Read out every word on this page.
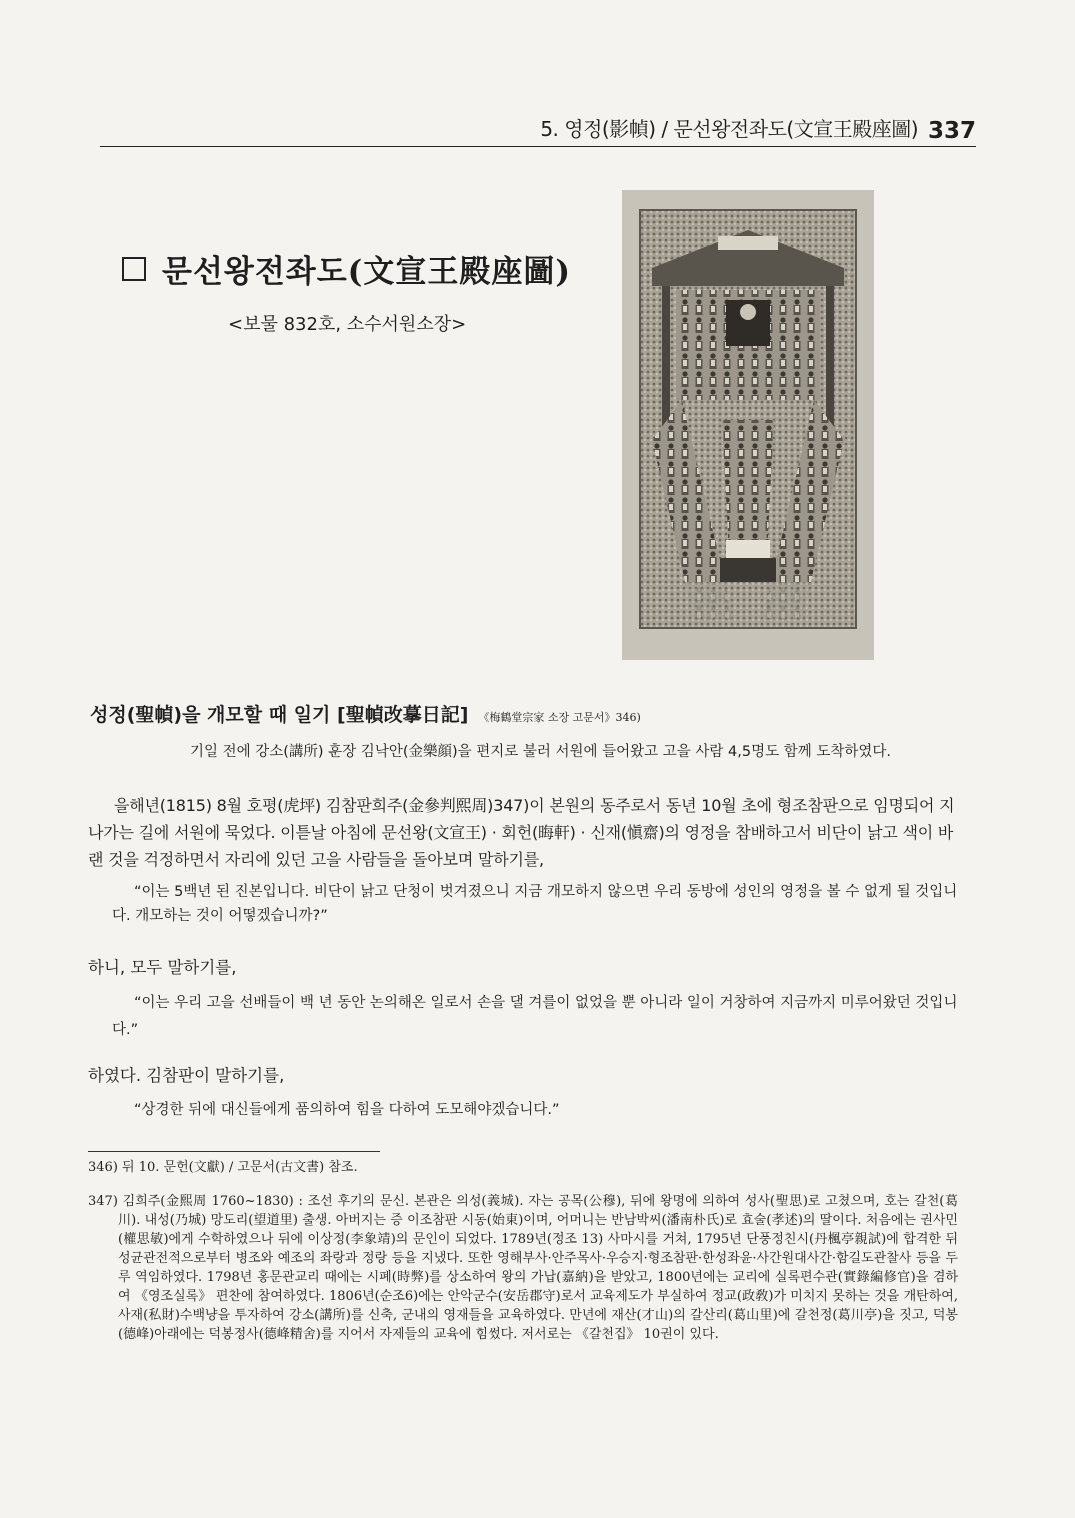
5. 영정(影幀) / 문선왕전좌도(文宣王殿座圖) 337
문선왕전좌도(文宣王殿座圖)
<보물 832호, 소수서원소장>
성정(聖幀)을 개모할 때 일기 [聖幀改摹日記] 《梅鶴堂宗家 소장 고문서》346)
기일 전에 강소(講所) 훈장 김낙안(金樂顔)을 편지로 불러 서원에 들어왔고 고을 사람 4,5명도 함께 도착하였다.
을해년(1815) 8월 호평(虎坪) 김참판희주(金參判熙周)347)이 본원의 동주로서 동년 10월 초에 형조참판으로 임명되어 지나가는 길에 서원에 묵었다. 이튿날 아침에 문선왕(文宣王) · 회헌(晦軒) · 신재(愼齋)의 영정을 참배하고서 비단이 낡고 색이 바랜 것을 걱정하면서 자리에 있던 고을 사람들을 돌아보며 말하기를,
“이는 5백년 된 진본입니다. 비단이 낡고 단청이 벗겨졌으니 지금 개모하지 않으면 우리 동방에 성인의 영정을 볼 수 없게 될 것입니다. 개모하는 것이 어떻겠습니까?”
하니, 모두 말하기를,
“이는 우리 고을 선배들이 백 년 동안 논의해온 일로서 손을 댈 겨를이 없었을 뿐 아니라 일이 거창하여 지금까지 미루어왔던 것입니다.”
하였다. 김참판이 말하기를,
“상경한 뒤에 대신들에게 품의하여 힘을 다하여 도모해야겠습니다.”
346) 뒤 10. 문헌(文獻) / 고문서(古文書) 참조.
347) 김희주(金熙周 1760~1830) : 조선 후기의 문신. 본관은 의성(義城). 자는 공목(公穆), 뒤에 왕명에 의하여 성사(聖思)로 고쳤으며, 호는 갈천(葛川). 내성(乃城) 망도리(望道里) 출생. 아버지는 증 이조참판 시동(始東)이며, 어머니는 반남박씨(潘南朴氏)로 효술(孝述)의 딸이다. 처음에는 권사민(權思敏)에게 수학하였으나 뒤에 이상정(李象靖)의 문인이 되었다. 1789년(정조 13) 사마시를 거쳐, 1795년 단풍정친시(丹楓亭親試)에 합격한 뒤 성균관전적으로부터 병조와 예조의 좌랑과 정랑 등을 지냈다. 또한 영해부사·안주목사·우승지·형조참판·한성좌윤·사간원대사간·함길도관찰사 등을 두루 역임하였다. 1798년 홍문관교리 때에는 시폐(時弊)를 상소하여 왕의 가납(嘉納)을 받았고, 1800년에는 교리에 실록편수관(實錄編修官)을 겸하여 《영조실록》 편찬에 참여하였다. 1806년(순조6)에는 안악군수(安岳郡守)로서 교육제도가 부실하여 정교(政敎)가 미치지 못하는 것을 개탄하여, 사재(私財)수백냥을 투자하여 강소(講所)를 신축, 군내의 영재들을 교육하였다. 만년에 재산(才山)의 갈산리(葛山里)에 갈천정(葛川亭)을 짓고, 덕봉(德峰)아래에는 덕봉정사(德峰精舍)를 지어서 자제들의 교육에 힘썼다. 저서로는 《갈천집》 10권이 있다.
